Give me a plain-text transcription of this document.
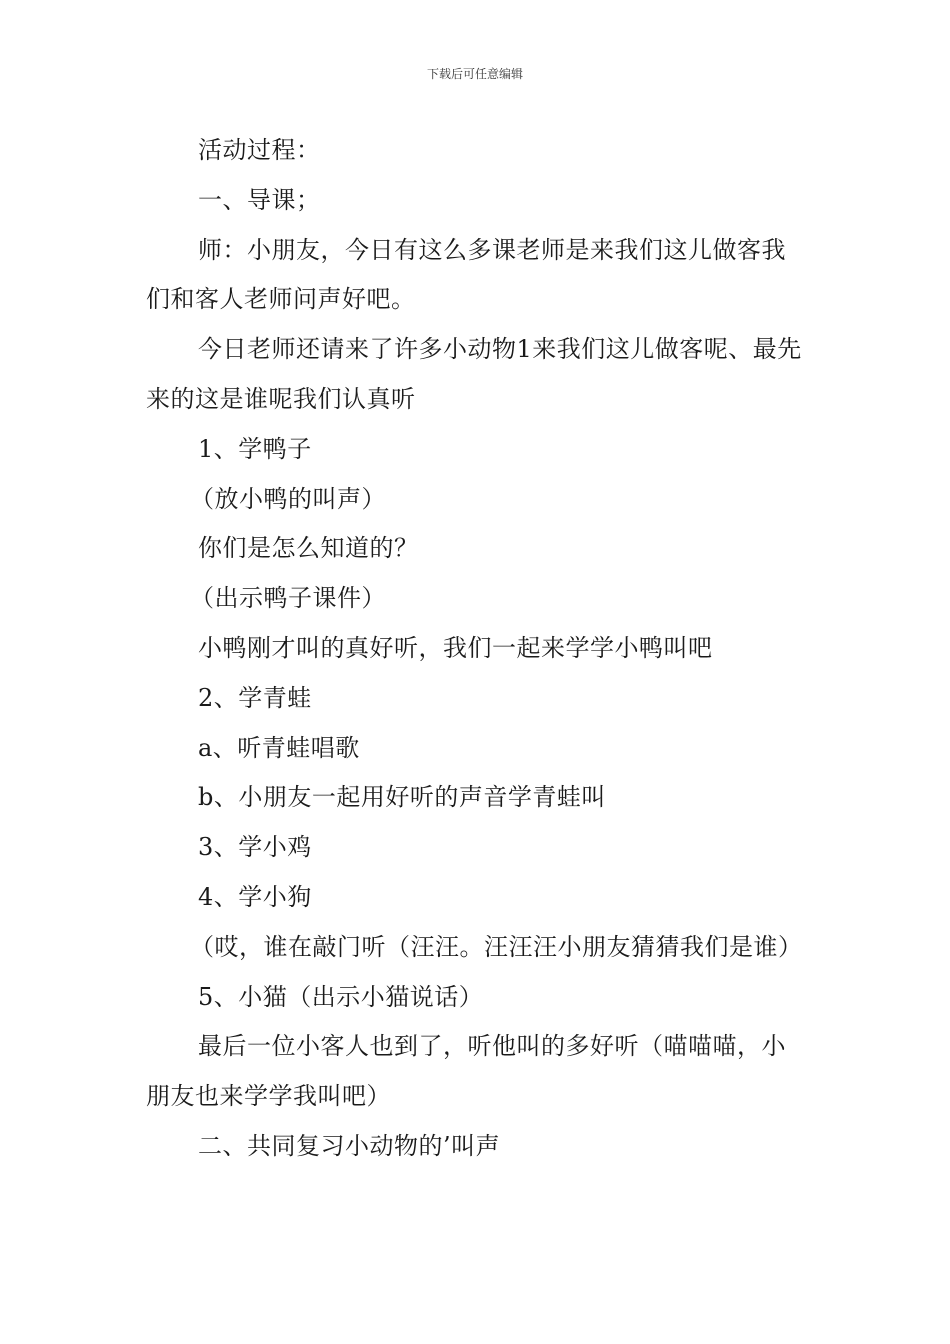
下载后可任意编辑

活动过程：

一、导课；

师：小朋友，今日有这么多课老师是来我们这儿做客我们和客人老师问声好吧。

今日老师还请来了许多小动物1来我们这儿做客呢、最先来的这是谁呢我们认真听

1、学鸭子

（放小鸭的叫声）

你们是怎么知道的？

（出示鸭子课件）

小鸭刚才叫的真好听，我们一起来学学小鸭叫吧

2、学青蛙

a、听青蛙唱歌

b、小朋友一起用好听的声音学青蛙叫

3、学小鸡

4、学小狗

（哎，谁在敲门听（汪汪。汪汪汪小朋友猜猜我们是谁）

5、小猫（出示小猫说话）

最后一位小客人也到了，听他叫的多好听（喵喵喵，小朋友也来学学我叫吧）

二、共同复习小动物的’叫声
